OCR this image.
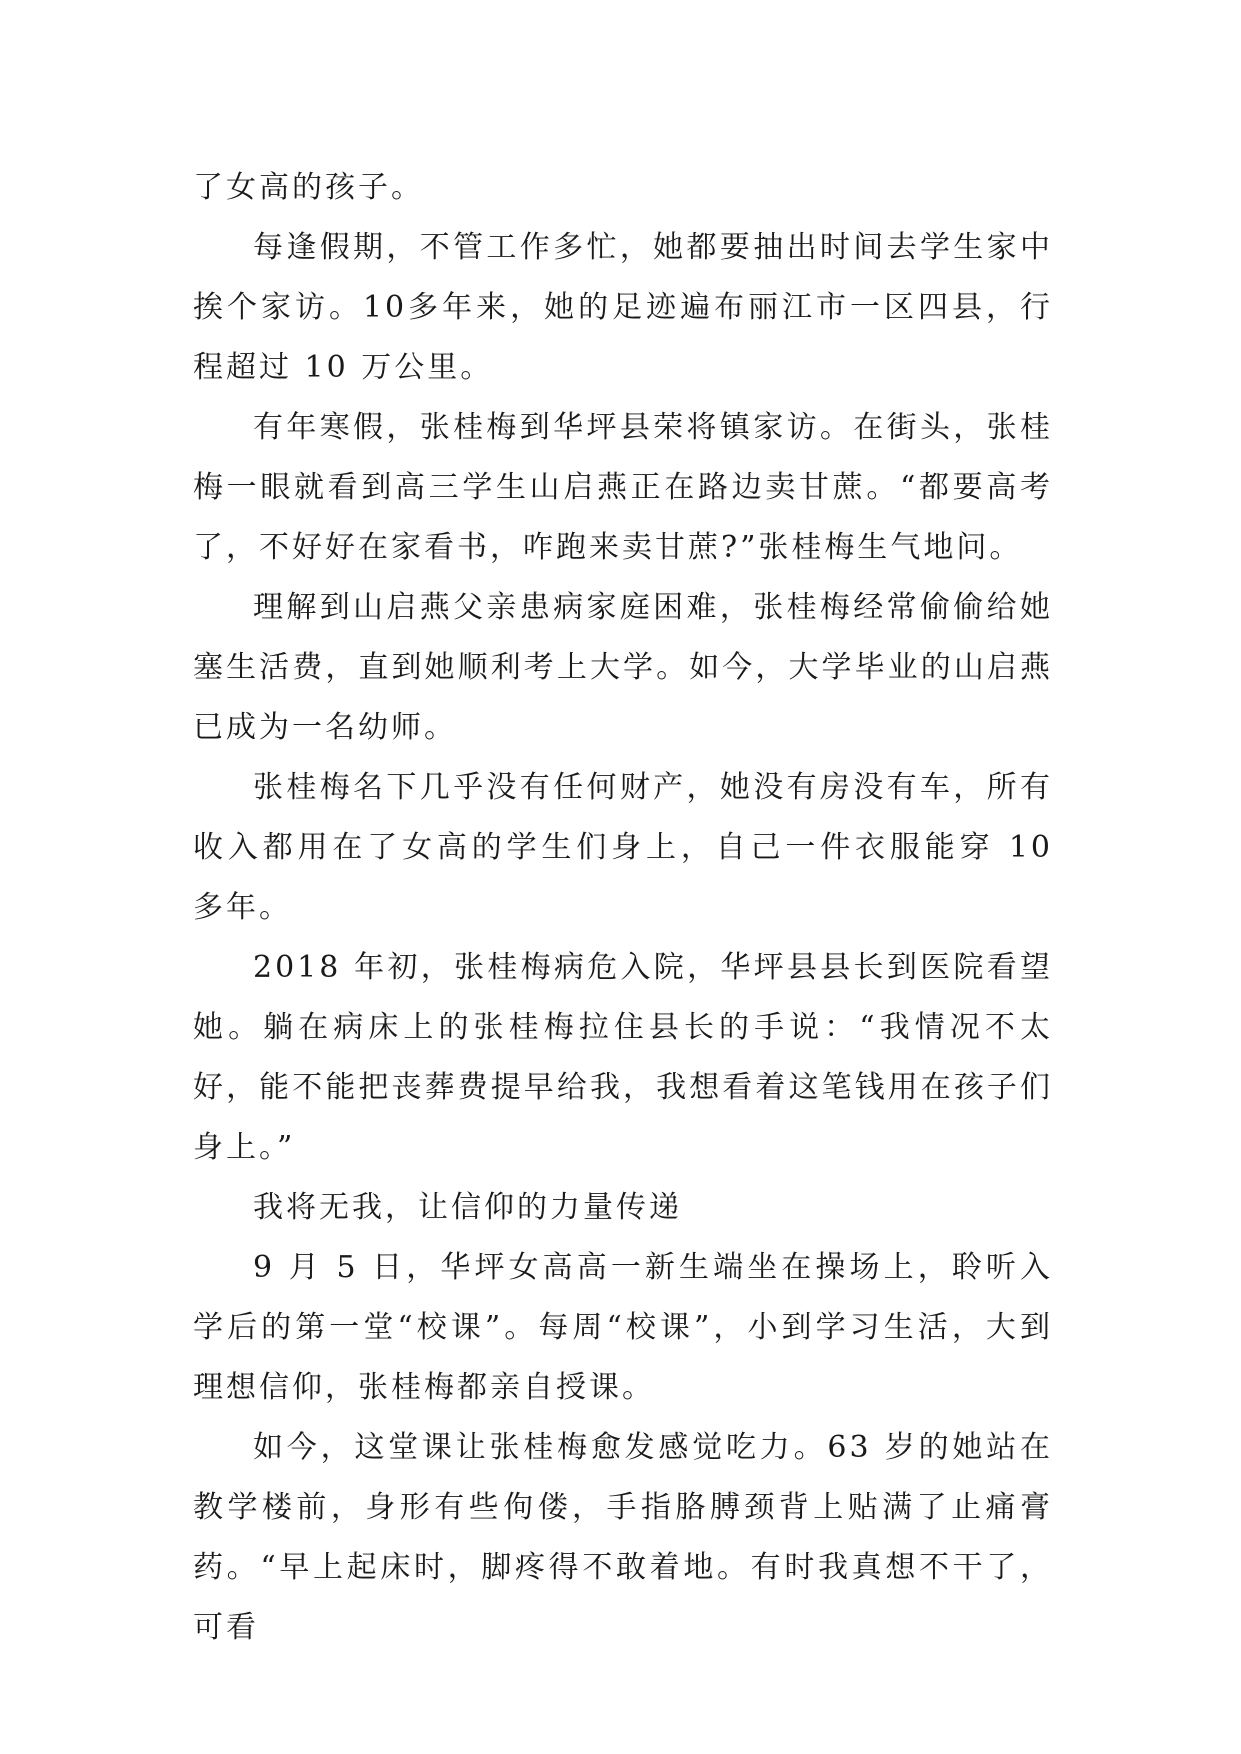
了女高的孩子。

每逢假期，不管工作多忙，她都要抽出时间去学生家中挨个家访。10多年来，她的足迹遍布丽江市一区四县，行程超过 10 万公里。

有年寒假，张桂梅到华坪县荣将镇家访。在街头，张桂梅一眼就看到高三学生山启燕正在路边卖甘蔗。“都要高考了，不好好在家看书，咋跑来卖甘蔗?”张桂梅生气地问。

理解到山启燕父亲患病家庭困难，张桂梅经常偷偷给她塞生活费，直到她顺利考上大学。如今，大学毕业的山启燕已成为一名幼师。

张桂梅名下几乎没有任何财产，她没有房没有车，所有收入都用在了女高的学生们身上，自己一件衣服能穿 10 多年。

2018 年初，张桂梅病危入院，华坪县县长到医院看望她。躺在病床上的张桂梅拉住县长的手说：“我情况不太好，能不能把丧葬费提早给我，我想看着这笔钱用在孩子们身上。”

我将无我，让信仰的力量传递

9 月 5 日，华坪女高高一新生端坐在操场上，聆听入学后的第一堂“校课”。每周“校课”，小到学习生活，大到理想信仰，张桂梅都亲自授课。

如今，这堂课让张桂梅愈发感觉吃力。63 岁的她站在教学楼前，身形有些佝偻，手指胳膊颈背上贴满了止痛膏药。“早上起床时，脚疼得不敢着地。有时我真想不干了，可看
